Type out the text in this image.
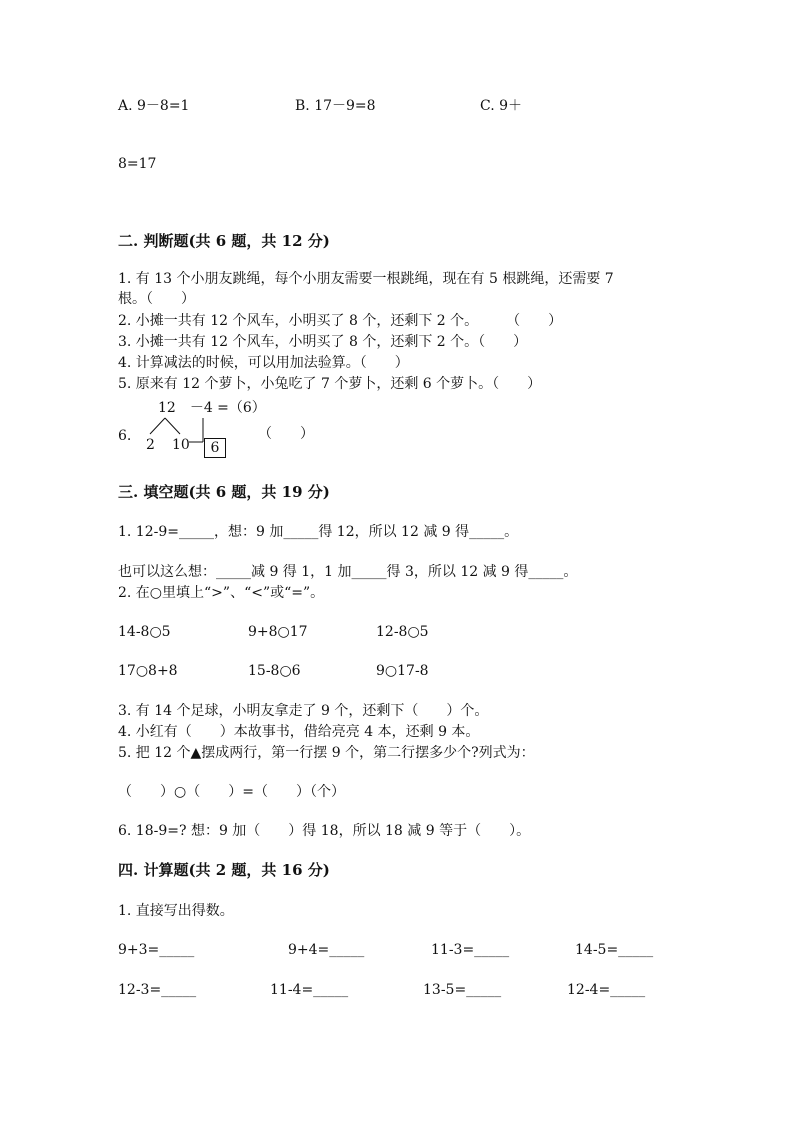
A. 9－8=1	B. 17－9=8	C. 9＋
8=17
二. 判断题(共 6 题，共 12 分)
1. 有 13 个小朋友跳绳，每个小朋友需要一根跳绳，现在有 5 根跳绳，还需要 7
根。（　　）
2. 小摊一共有 12 个风车，小明买了 8 个，还剩下 2 个。　　　（　　）
3. 小摊一共有 12 个风车，小明买了 8 个，还剩下 2 个。（　　）
4. 计算减法的时候，可以用加法验算。（　　）
5. 原来有 12 个萝卜，小兔吃了 7 个萝卜，还剩 6 个萝卜。（　　）
12　－4 =（6）
6.
2 10	6
（　　）
三. 填空题(共 6 题，共 19 分)
1. 12-9=_____，想：9 加_____得 12，所以 12 减 9 得_____。
也可以这么想：_____减 9 得 1，1 加_____得 3，所以 12 减 9 得_____。
2. 在○里填上“>”、“<”或“=”。
14-8○5	9+8○17	12-8○5
17○8+8	15-8○6	9○17-8
3. 有 14 个足球，小明友拿走了 9 个，还剩下（　　）个。
4. 小红有（　　）本故事书，借给亮亮 4 本，还剩 9 本。
5. 把 12 个▲摆成两行，第一行摆 9 个，第二行摆多少个?列式为：
（　　）○（　　）=（　　）（个）
6. 18-9=? 想：9 加（　　）得 18，所以 18 减 9 等于（　　）。
四. 计算题(共 2 题，共 16 分)
1. 直接写出得数。
9+3=_____	9+4=_____	11-3=_____	14-5=_____
12-3=_____	11-4=_____	13-5=_____	12-4=_____
